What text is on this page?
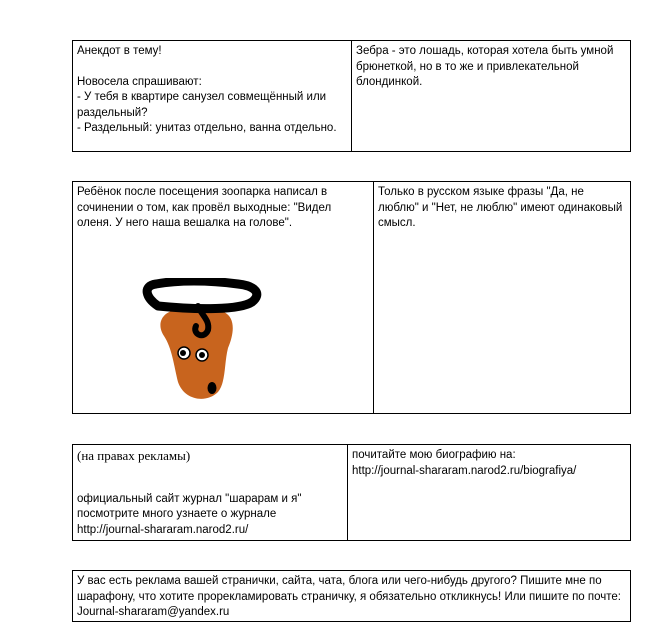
Анекдот в тему!
Новосела спрашивают:
- У тебя в квартире санузел совмещённый или раздельный?
- Раздельный: унитаз отдельно, ванна отдельно.

Зебра - это лошадь, которая хотела быть умной брюнеткой, но в то же и привлекательной блондинкой.
Ребёнок после посещения зоопарка написал в сочинении о том, как провёл выходные: "Видел оленя. У него наша вешалка на голове".

Только в русском языке фразы "Да, не люблю" и "Нет, не люблю" имеют одинаковый смысл.
(на правах рекламы)
официальный сайт журнал "шарарам и я" посмотрите много узнаете о журнале
http://journal-shararam.narod2.ru/

почитайте мою биографию на:
http://journal-shararam.narod2.ru/biografiya/
У вас есть реклама вашей странички, сайта, чата, блога или чего-нибудь другого? Пишите мне по шарафону, что хотите прорекламировать страничку, я обязательно откликнусь! Или пишите по почте: Journal-shararam@yandex.ru
